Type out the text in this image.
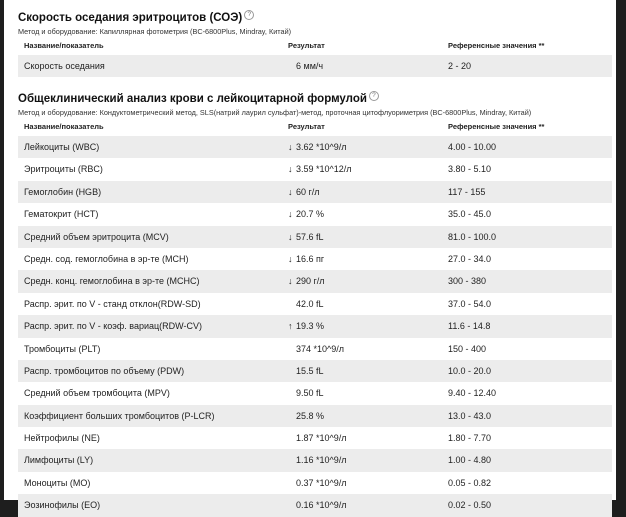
Скорость оседания эритроцитов (СОЭ) ?
Метод и оборудование: Капиллярная фотометрия (BC-6800Plus, Mindray, Китай)
Название/показатель	Результат	Референсные значения **
Скорость оседания	6 мм/ч	2 - 20
Общеклинический анализ крови с лейкоцитарной формулой ?
Метод и оборудование: Кондуктометрический метод, SLS(натрий лаурил сульфат)-метод, проточная цитофлуориметрия (BC-6800Plus, Mindray, Китай)
Название/показатель	Результат	Референсные значения **
Лейкоциты (WBC)	↓ 3.62 *10^9/л	4.00 - 10.00
Эритроциты (RBC)	↓ 3.59 *10^12/л	3.80 - 5.10
Гемоглобин (HGB)	↓ 60 г/л	117 - 155
Гематокрит (HCT)	↓ 20.7 %	35.0 - 45.0
Средний объем эритроцита (MCV)	↓ 57.6 fL	81.0 - 100.0
Средн. сод. гемоглобина в эр-те (MCH)	↓ 16.6 пг	27.0 - 34.0
Средн. конц. гемоглобина в эр-те (MCHC)	↓ 290 г/л	300 - 380
Распр. эрит. по V - станд отклон(RDW-SD)	42.0 fL	37.0 - 54.0
Распр. эрит. по V - коэф. вариац(RDW-CV)	↑ 19.3 %	11.6 - 14.8
Тромбоциты (PLT)	374 *10^9/л	150 - 400
Распр. тромбоцитов по объему (PDW)	15.5 fL	10.0 - 20.0
Средний объем тромбоцита (MPV)	9.50 fL	9.40 - 12.40
Коэффициент больших тромбоцитов (P-LCR)	25.8 %	13.0 - 43.0
Нейтрофилы (NE)	1.87 *10^9/л	1.80 - 7.70
Лимфоциты (LY)	1.16 *10^9/л	1.00 - 4.80
Моноциты (MO)	0.37 *10^9/л	0.05 - 0.82
Эозинофилы (EO)	0.16 *10^9/л	0.02 - 0.50
